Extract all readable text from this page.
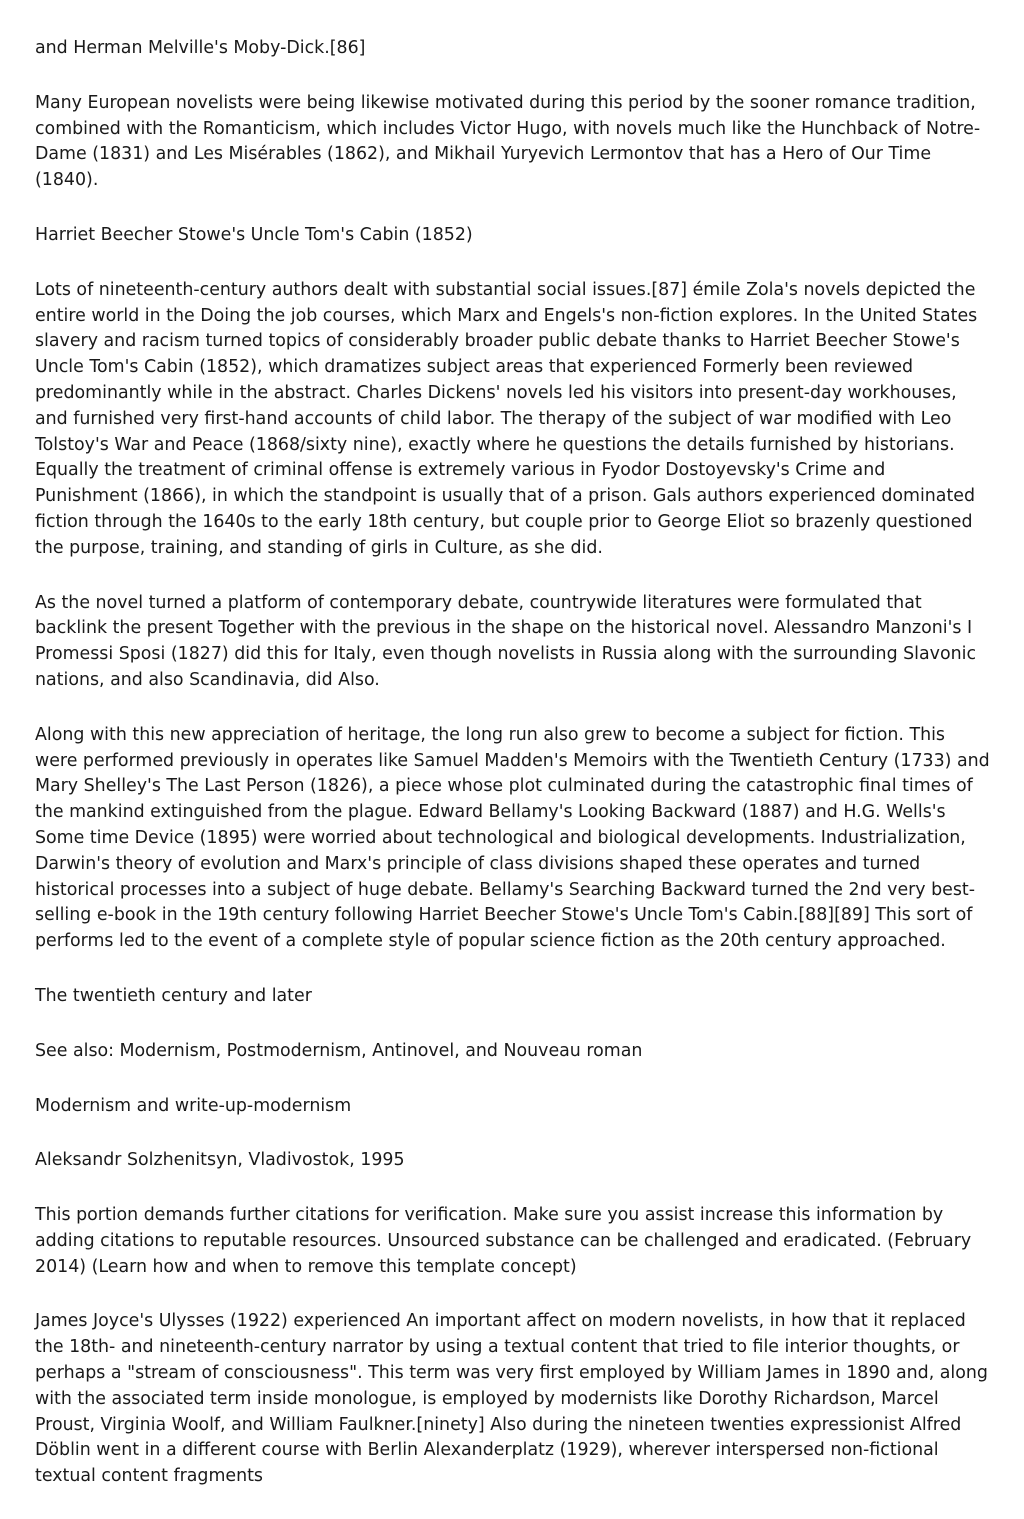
and Herman Melville's Moby-Dick.[86]

Many European novelists were being likewise motivated during this period by the sooner romance tradition, combined with the Romanticism, which includes Victor Hugo, with novels much like the Hunchback of Notre-Dame (1831) and Les Misérables (1862), and Mikhail Yuryevich Lermontov that has a Hero of Our Time (1840).

Harriet Beecher Stowe's Uncle Tom's Cabin (1852)

Lots of nineteenth-century authors dealt with substantial social issues.[87] émile Zola's novels depicted the entire world in the Doing the job courses, which Marx and Engels's non-fiction explores. In the United States slavery and racism turned topics of considerably broader public debate thanks to Harriet Beecher Stowe's Uncle Tom's Cabin (1852), which dramatizes subject areas that experienced Formerly been reviewed predominantly while in the abstract. Charles Dickens' novels led his visitors into present-day workhouses, and furnished very first-hand accounts of child labor. The therapy of the subject of war modified with Leo Tolstoy's War and Peace (1868/sixty nine), exactly where he questions the details furnished by historians. Equally the treatment of criminal offense is extremely various in Fyodor Dostoyevsky's Crime and Punishment (1866), in which the standpoint is usually that of a prison. Gals authors experienced dominated fiction through the 1640s to the early 18th century, but couple prior to George Eliot so brazenly questioned the purpose, training, and standing of girls in Culture, as she did.

As the novel turned a platform of contemporary debate, countrywide literatures were formulated that backlink the present Together with the previous in the shape on the historical novel. Alessandro Manzoni's I Promessi Sposi (1827) did this for Italy, even though novelists in Russia along with the surrounding Slavonic nations, and also Scandinavia, did Also.

Along with this new appreciation of heritage, the long run also grew to become a subject for fiction. This were performed previously in operates like Samuel Madden's Memoirs with the Twentieth Century (1733) and Mary Shelley's The Last Person (1826), a piece whose plot culminated during the catastrophic final times of the mankind extinguished from the plague. Edward Bellamy's Looking Backward (1887) and H.G. Wells's Some time Device (1895) were worried about technological and biological developments. Industrialization, Darwin's theory of evolution and Marx's principle of class divisions shaped these operates and turned historical processes into a subject of huge debate. Bellamy's Searching Backward turned the 2nd very best-selling e-book in the 19th century following Harriet Beecher Stowe's Uncle Tom's Cabin.[88][89] This sort of performs led to the event of a complete style of popular science fiction as the 20th century approached.

The twentieth century and later

See also: Modernism, Postmodernism, Antinovel, and Nouveau roman

Modernism and write-up-modernism

Aleksandr Solzhenitsyn, Vladivostok, 1995

This portion demands further citations for verification. Make sure you assist increase this information by adding citations to reputable resources. Unsourced substance can be challenged and eradicated. (February 2014) (Learn how and when to remove this template concept)

James Joyce's Ulysses (1922) experienced An important affect on modern novelists, in how that it replaced the 18th- and nineteenth-century narrator by using a textual content that tried to file interior thoughts, or perhaps a "stream of consciousness". This term was very first employed by William James in 1890 and, along with the associated term inside monologue, is employed by modernists like Dorothy Richardson, Marcel Proust, Virginia Woolf, and William Faulkner.[ninety] Also during the nineteen twenties expressionist Alfred Döblin went in a different course with Berlin Alexanderplatz (1929), wherever interspersed non-fictional textual content fragments
